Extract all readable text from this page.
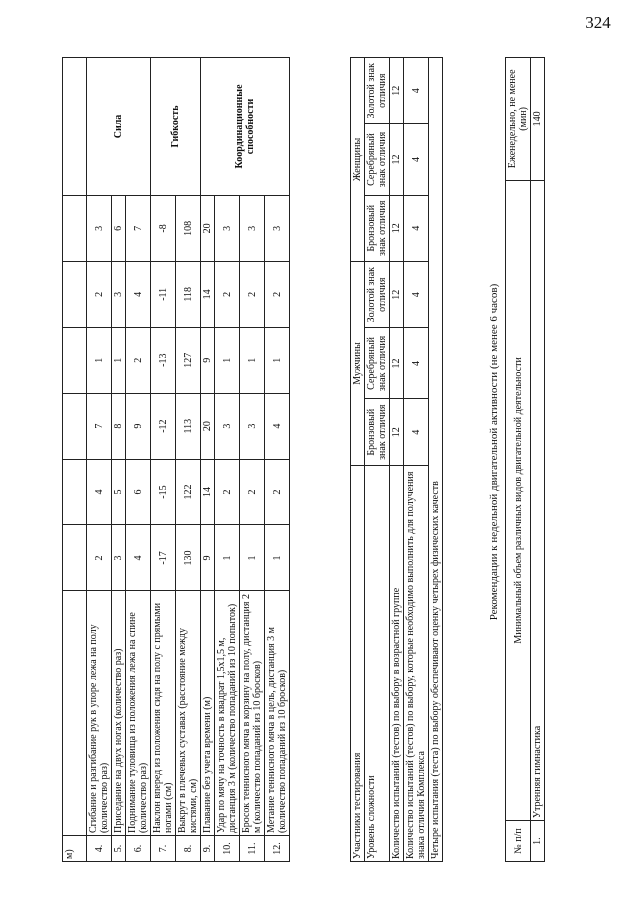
324
м)								
4.	Сгибание и разгибание рук в упоре лежа на полу (количество раз)	2	4	7	1	2	3	Сила
5.	Приседание на двух ногах (количество раз)	3	5	8	1	3	6	
6.	Поднимание туловища из положения лежа на спине (количество раз)	4	6	9	2	4	7	
7.	Наклон вперед из положения сидя на полу с прямыми ногами (см)	-17	-15	-12	-13	-11	-8	Гибкость
8.	Выкрут в плечевых суставах (расстояние между кистями, см)	130	122	113	127	118	108	
9.	Плавание без учета времени (м)	9	14	20	9	14	20	Координационные способности
10.	Удар по мячу на точность в квадрат 1,5х1,5 м, дистанция 3 м (количество попаданий из 10 попыток)	1	2	3	1	2	3	
11.	Бросок теннисного мяча в корзину на полу, дистанция 2 м (количество попаданий из 10 бросков)	1	2	3	1	2	3	
12.	Метание теннисного мяча в цель, дистанция 3 м (количество попаданий из 10 бросков)	1	2	4	1	2	3	
Участники тестирования	Мужчины			Женщины		
Уровень сложности	Бронзовый знак отличия	Серебряный знак отличия	Золотой знак отличия	Бронзовый знак отличия	Серебряный знак отличия	Золотой знак отличия
Количество испытаний (тестов) по выбору в возрастной группе	12	12	12	12	12	12
Количество испытаний (тестов) по выбору, которые необходимо выполнить для получения знака отличия Комплекса	4	4	4	4	4	4
Четыре испытания (теста) по выбору обеспечивают оценку четырех физических качеств						
Рекомендации к недельной двигательной активности (не менее 6 часов)
№ п/п	Минимальный объем различных видов двигательной деятельности	Еженедельно, не менее (мин)
1.	Утренняя гимнастика	140
